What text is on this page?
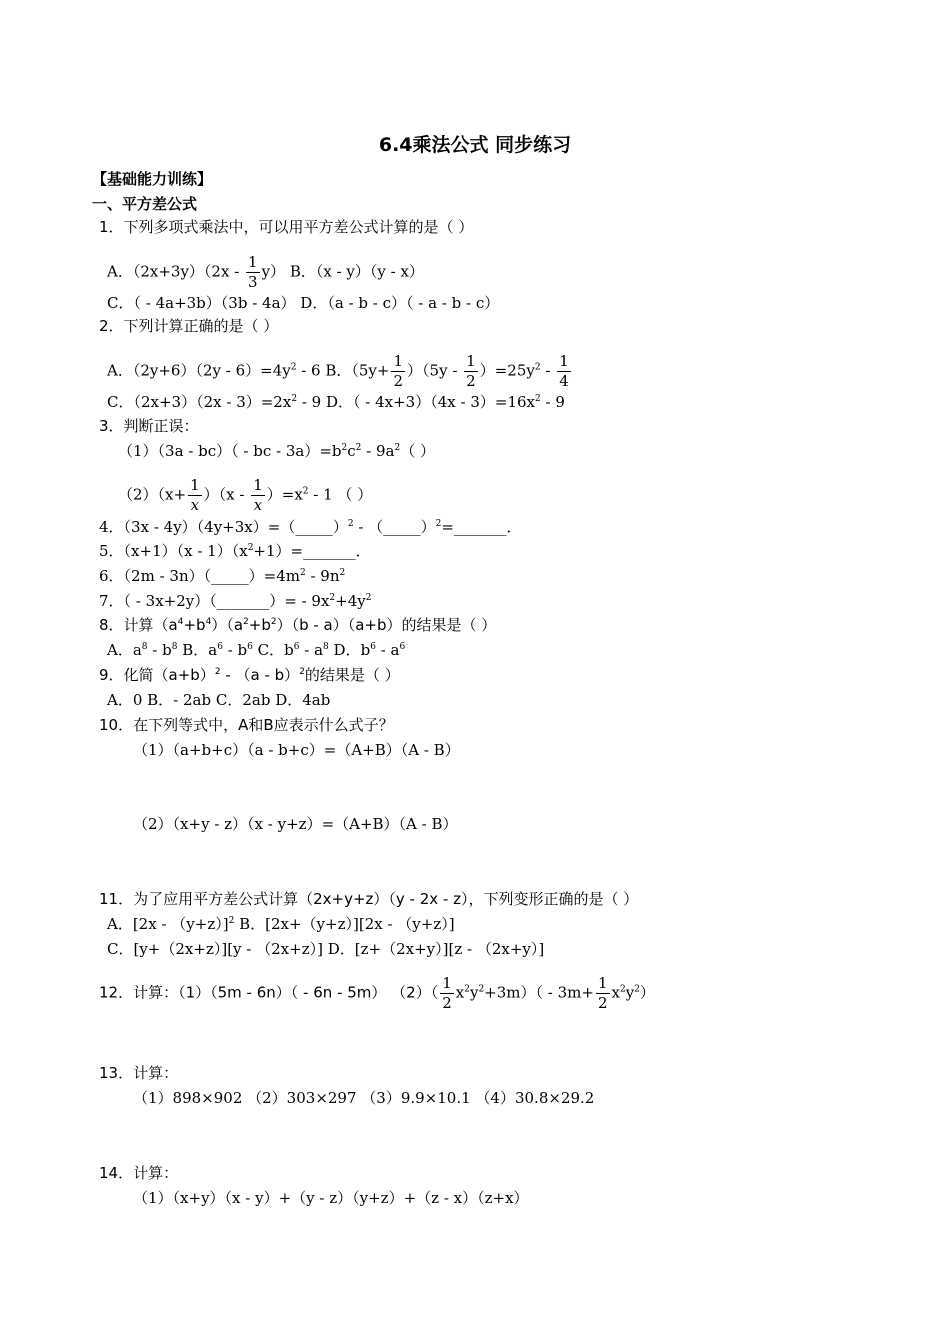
6.4乘法公式 同步练习
【基础能力训练】
一、平方差公式
1．下列多项式乘法中，可以用平方差公式计算的是（ ）
A．$(2x+3y)(2x - \frac{1}{3} y)$ B．（x - y）（y - x）
C．（ - 4a+3b）（3b - 4a） D．（a - b - c）（ - a - b - c）
2．下列计算正确的是（ ）
A．$(2y+6)(2y - 6)=4y^2 - 6$ B．$(5y+ \frac{1}{2} )(5y - \frac{1}{2} )=25y^2 - \frac{1}{4}$
C．$(2x+3)(2x - 3)=2x^2 - 9$ D．（ - $4x+3)(4x - 3)=16x^2 - 9$
3．判断正误：
（1）（3a - bc）（ - bc - $3a)=b^2c^2 - 9a^2$（ ）
$(2)(x+ \frac{1}{x} )(x - \frac{1}{x} )=x^2 - 1$ （ ）
4．（3x - 4y）（4y+3x）=（_____）$^2$ - （_____）$^2$=_______．
5．$(x+1)(x - 1)(x^2+1)=\_\_\_\_\_\_\_$．
6．$(2m - 3n)(\_\_\_\_\_)=4m^2 - 9n^2$
7．（ - 3x+2y）（_______）= - $9x^2+4y^2$
8．计算$(a^4+b^4)(a^2+b^2)(b - a)(a+b)$的结果是（ ）
A．$a^8 - b^8$ B．$a^6 - b^6$ C．$b^6 - a^8$ D．$b^6 - a^6$
9．化简$(a+b)^2 - (a - b)^2$的结果是（ ）
A．0 B．- 2ab C．2ab D．4ab
10．在下列等式中，A和B应表示什么式子？
（1）（a+b+c）（a - b+c）=（A+B）（A - B）
（2）（x+y - z）（x - y+z）=（A+B）（A - B）
11．为了应用平方差公式计算（2x+y+z）（y - 2x - z），下列变形正确的是（ ）
A．$[2x - (y+z)]^2$ B．[2x+（y+z）][2x - （y+z）]
C．[y+（2x+z）][y - （2x+z）] D．[z+（2x+y）][z - （2x+y）]
12．计算：（1）（5m - 6n）（ - 6n - 5m） $(2)( \frac{1}{2} x^2y^2+3m)( - 3m+ \frac{1}{2} x^2y^2)$
13．计算：
（1）898×902 （2）303×297 （3）9.9×10.1 （4）30.8×29.2
14．计算：
（1）（x+y）（x - y）+（y - z）（y+z）+（z - x）（z+x）
